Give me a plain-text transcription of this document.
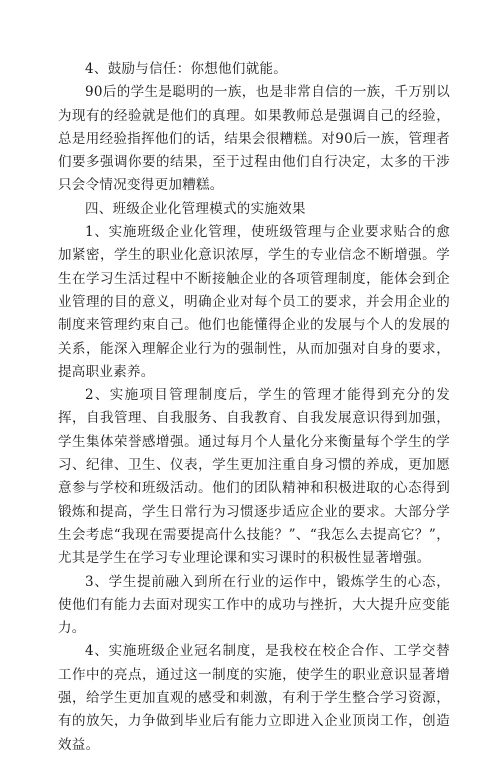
4、鼓励与信任：你想他们就能。

90后的学生是聪明的一族，也是非常自信的一族，千万别以为现有的经验就是他们的真理。如果教师总是强调自己的经验，总是用经验指挥他们的话，结果会很糟糕。对90后一族，管理者们要多强调你要的结果，至于过程由他们自行决定，太多的干涉只会令情况变得更加糟糕。

四、班级企业化管理模式的实施效果

1、实施班级企业化管理，使班级管理与企业要求贴合的愈加紧密，学生的职业化意识浓厚，学生的专业信念不断增强。学生在学习生活过程中不断接触企业的各项管理制度，能体会到企业管理的目的意义，明确企业对每个员工的要求，并会用企业的制度来管理约束自己。他们也能懂得企业的发展与个人的发展的关系，能深入理解企业行为的强制性，从而加强对自身的要求，提高职业素养。

2、实施项目管理制度后，学生的管理才能得到充分的发挥，自我管理、自我服务、自我教育、自我发展意识得到加强，学生集体荣誉感增强。通过每月个人量化分来衡量每个学生的学习、纪律、卫生、仪表，学生更加注重自身习惯的养成，更加愿意参与学校和班级活动。他们的团队精神和积极进取的心态得到锻炼和提高，学生日常行为习惯逐步适应企业的要求。大部分学生会考虑“我现在需要提高什么技能？”、“我怎么去提高它？”，尤其是学生在学习专业理论课和实习课时的积极性显著增强。

3、学生提前融入到所在行业的运作中，锻炼学生的心态，使他们有能力去面对现实工作中的成功与挫折，大大提升应变能力。

4、实施班级企业冠名制度，是我校在校企合作、工学交替工作中的亮点，通过这一制度的实施，使学生的职业意识显著增强，给学生更加直观的感受和刺激，有利于学生整合学习资源，有的放矢，力争做到毕业后有能力立即进入企业顶岗工作，创造效益。
